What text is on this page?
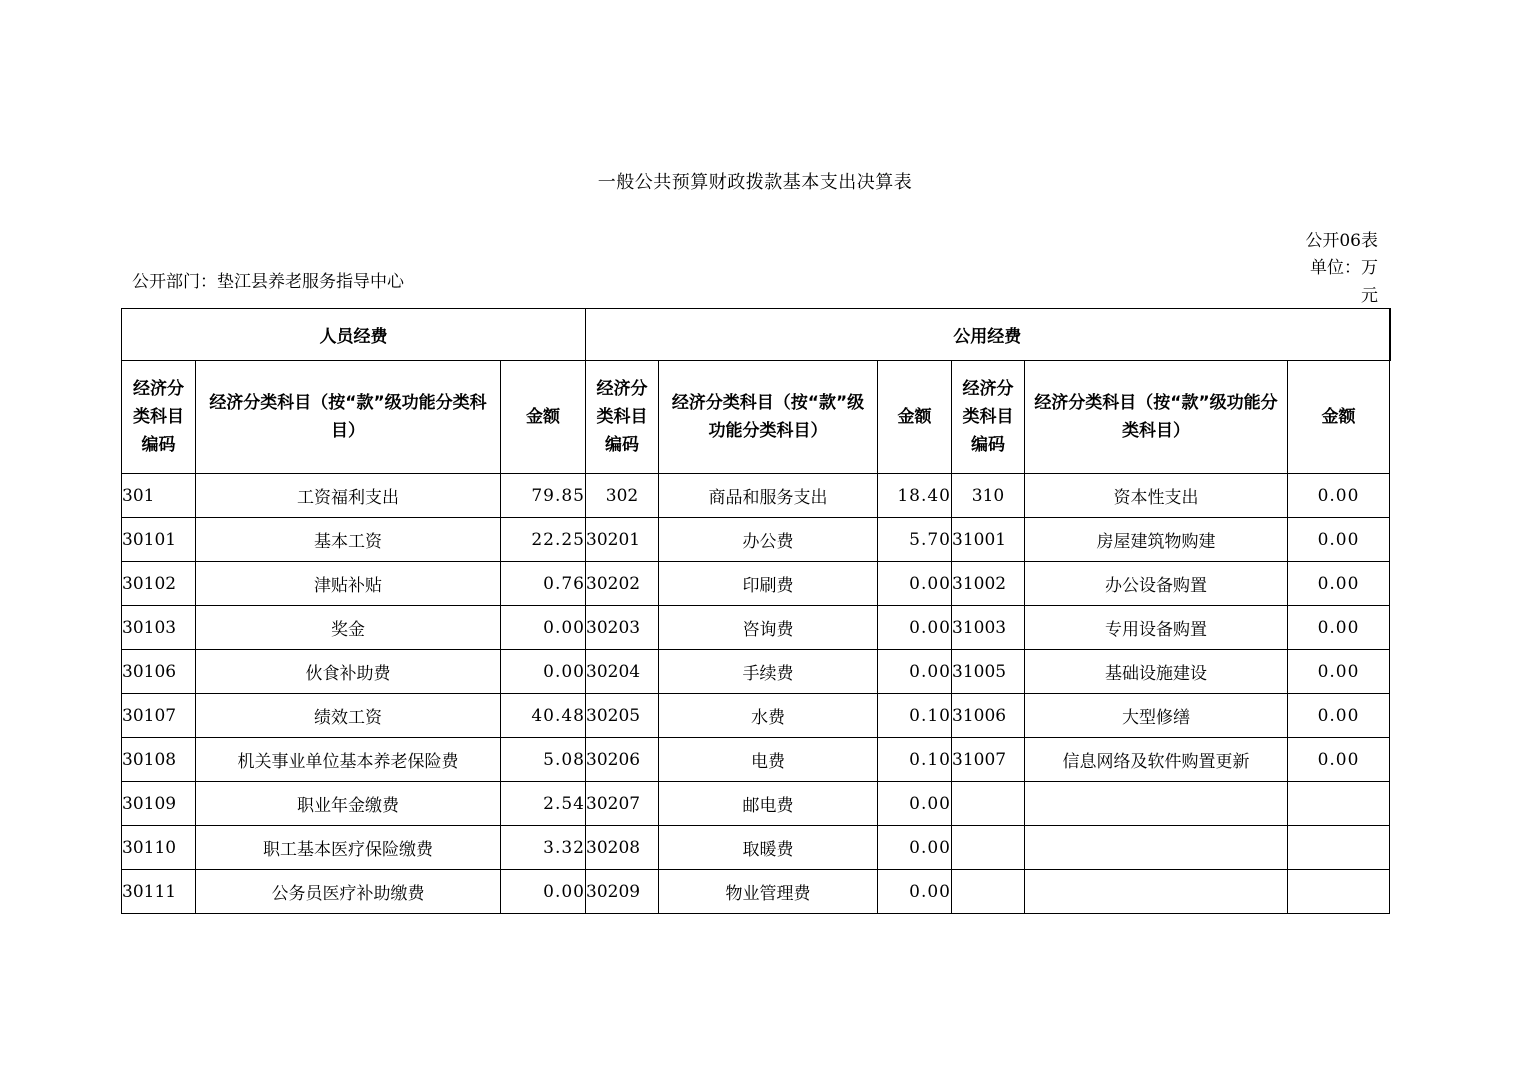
一般公共预算财政拨款基本支出决算表
公开06表
单位：万元
公开部门：垫江县养老服务指导中心
人员经费			公用经费					
经济分类科目编码	经济分类科目（按“款”级功能分类科目）	金额	经济分类科目编码	经济分类科目（按“款”级功能分类科目）	金额	经济分类科目编码	经济分类科目（按“款”级功能分类科目）	金额
301	工资福利支出	79.85	302	商品和服务支出	18.40	310	资本性支出	0.00
30101	基本工资	22.25	30201	办公费	5.70	31001	房屋建筑物购建	0.00
30102	津贴补贴	0.76	30202	印刷费	0.00	31002	办公设备购置	0.00
30103	奖金	0.00	30203	咨询费	0.00	31003	专用设备购置	0.00
30106	伙食补助费	0.00	30204	手续费	0.00	31005	基础设施建设	0.00
30107	绩效工资	40.48	30205	水费	0.10	31006	大型修缮	0.00
30108	机关事业单位基本养老保险费	5.08	30206	电费	0.10	31007	信息网络及软件购置更新	0.00
30109	职业年金缴费	2.54	30207	邮电费	0.00			
30110	职工基本医疗保险缴费	3.32	30208	取暖费	0.00			
30111	公务员医疗补助缴费	0.00	30209	物业管理费	0.00			
